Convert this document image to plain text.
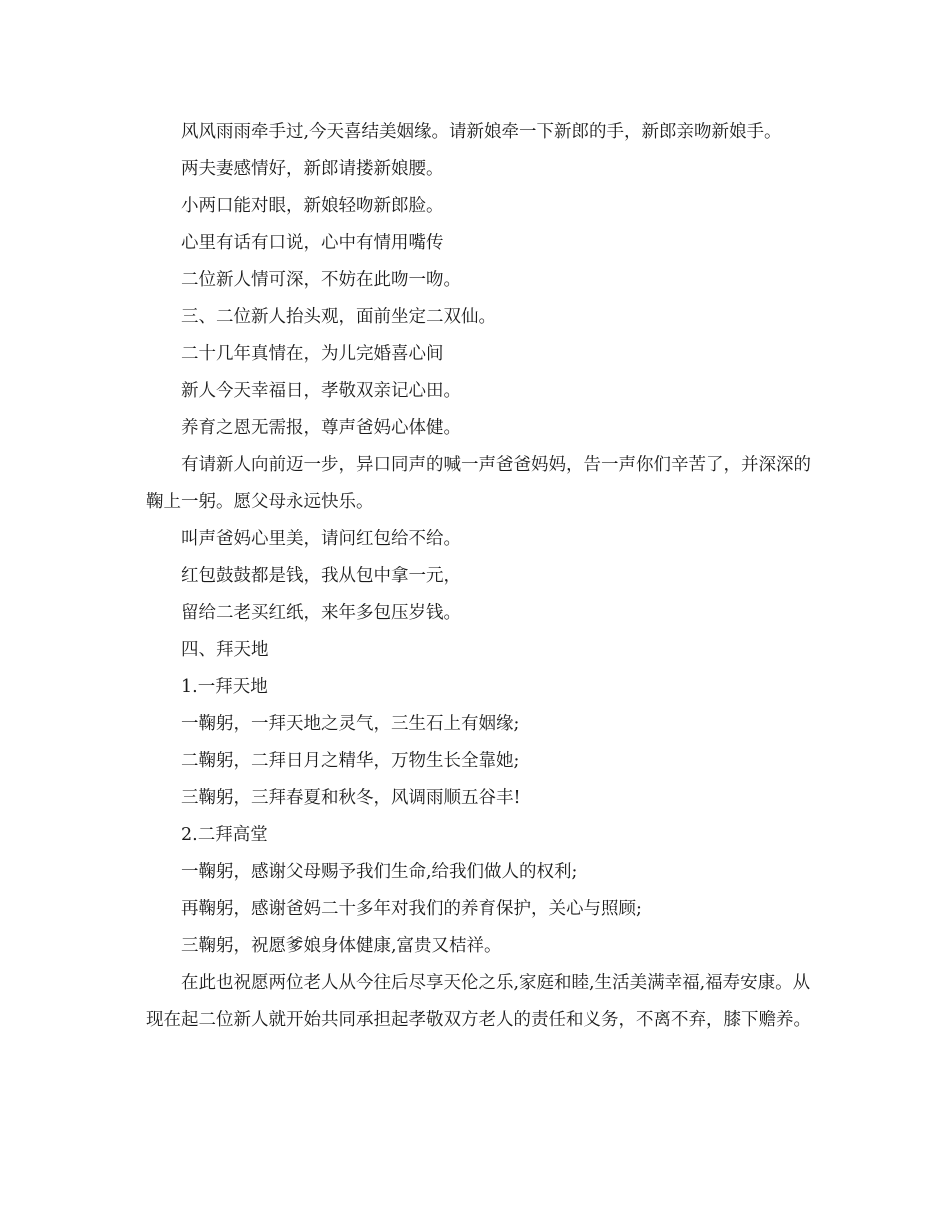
风风雨雨牵手过,今天喜结美姻缘。请新娘牵一下新郎的手，新郎亲吻新娘手。

两夫妻感情好，新郎请搂新娘腰。

小两口能对眼，新娘轻吻新郎脸。

心里有话有口说，心中有情用嘴传

二位新人情可深，不妨在此吻一吻。

三、二位新人抬头观，面前坐定二双仙。

二十几年真情在，为儿完婚喜心间

新人今天幸福日，孝敬双亲记心田。

养育之恩无需报，尊声爸妈心体健。

有请新人向前迈一步，异口同声的喊一声爸爸妈妈，告一声你们辛苦了，并深深的鞠上一躬。愿父母永远快乐。

叫声爸妈心里美，请问红包给不给。

红包鼓鼓都是钱，我从包中拿一元，

留给二老买红纸，来年多包压岁钱。

四、拜天地

1.一拜天地

一鞠躬，一拜天地之灵气，三生石上有姻缘;

二鞠躬，二拜日月之精华，万物生长全靠她;

三鞠躬，三拜春夏和秋冬，风调雨顺五谷丰!

2.二拜高堂

一鞠躬，感谢父母赐予我们生命,给我们做人的权利;

再鞠躬，感谢爸妈二十多年对我们的养育保护，关心与照顾;

三鞠躬，祝愿爹娘身体健康,富贵又桔祥。

在此也祝愿两位老人从今往后尽享天伦之乐,家庭和睦,生活美满幸福,福寿安康。从现在起二位新人就开始共同承担起孝敬双方老人的责任和义务，不离不弃，膝下赡养。
